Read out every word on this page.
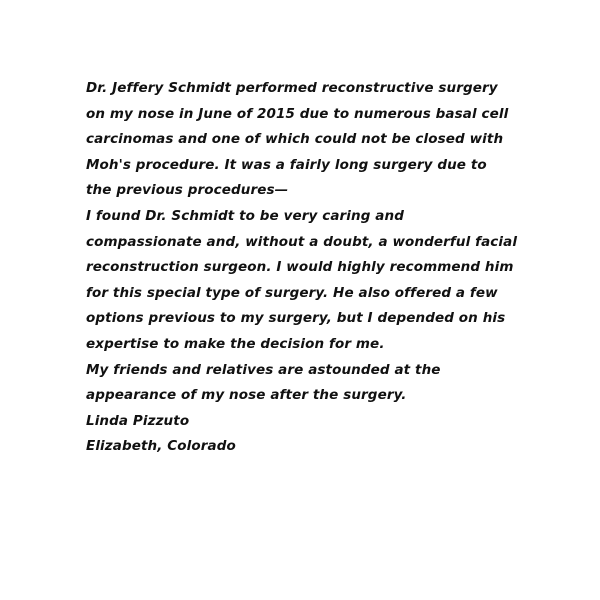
Dr. Jeffery Schmidt performed reconstructive surgery
on my nose in June of 2015 due to numerous basal cell
carcinomas and one of which could not be closed with
Moh's procedure. It was a fairly long surgery due to
the previous procedures—
I found Dr. Schmidt to be very caring and
compassionate and, without a doubt, a wonderful facial
reconstruction surgeon. I would highly recommend him
for this special type of surgery. He also offered a few
options previous to my surgery, but I depended on his
expertise to make the decision for me.
My friends and relatives are astounded at the
appearance of my nose after the surgery.
Linda Pizzuto
Elizabeth, Colorado
